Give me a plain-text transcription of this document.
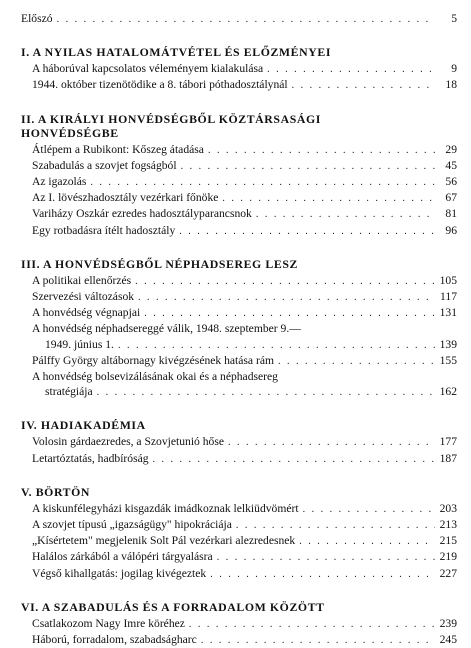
Előszó . . .	5
I. A NYILAS HATALOMÁTVÉTEL ÉS ELŐZMÉNYEI
A háborúval kapcsolatos véleményem kialakulása . . .	9
1944. október tizenötödike a 8. tábori póthadosztálynál . . .	18
II. A KIRÁLYI HONVÉDSÉGBŐL KÖZTÁRSASÁGI
HONVÉDSÉGBE
Átlépem a Rubikont: Kőszeg átadása . . .	29
Szabadulás a szovjet fogságból . . .	45
Az igazolás . . .	56
Az I. lövészhadosztály vezérkari főnöke . . .	67
Variházy Oszkár ezredes hadosztályparancsnok . . .	81
Egy rotbadásra ítélt hadosztály . . .	96
III. A HONVÉDSÉGBŐL NÉPHADSEREG LESZ
A politikai ellenőrzés . . .	105
Szervezési változások . . .	117
A honvédség végnapjai . . .	131
A honvédség néphadsereggé válik, 1948. szeptember 9.—
1949. június 1. . . .	139
Pálffy György altábornagy kivégzésének hatása rám . . .	155
A honvédség bolsevizálásának okai és a néphadsereg
stratégiája . . .	162
IV. HADIAKADÉMIA
Volosin gárdaezredes, a Szovjetunió hőse . . .	177
Letartóztatás, hadbíróság . . .	187
V. BÖRTÖN
A kiskunfélegyházi kisgazdák imádkoznak lelkiüdvömért . . .	203
A szovjet típusú „igazságügy" hipokráciája . . .	213
„Kísértetem" megjelenik Solt Pál vezérkari alezredesnek . . .	215
Halálos zárkából a válópéri tárgyalásra . . .	219
Végső kihallgatás: jogilag kivégeztek . . .	227
VI. A SZABADULÁS ÉS A FORRADALOM KÖZÖTT
Csatlakozom Nagy Imre köréhez . . .	239
Háború, forradalom, szabadságharc . . .	245
